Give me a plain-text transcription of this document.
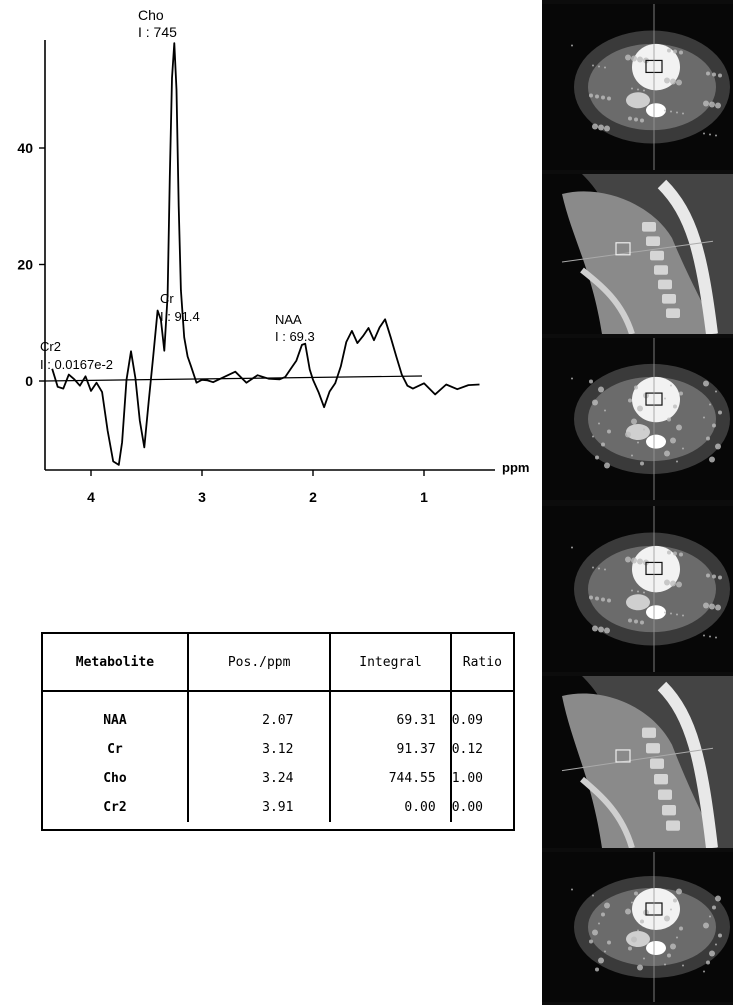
0
20
40
4	3	2	1
ppm
Cho
I : 745
Cr
I : 91.4	NAA
I : 69.3
Cr2
I : 0.0167e-2
Metabolite	Pos./ppm	Integral	Ratio
NAA	2.07	69.31	0.09
Cr	3.12	91.37	0.12
Cho	3.24	744.55	1.00
Cr2	3.91	0.00	0.00
